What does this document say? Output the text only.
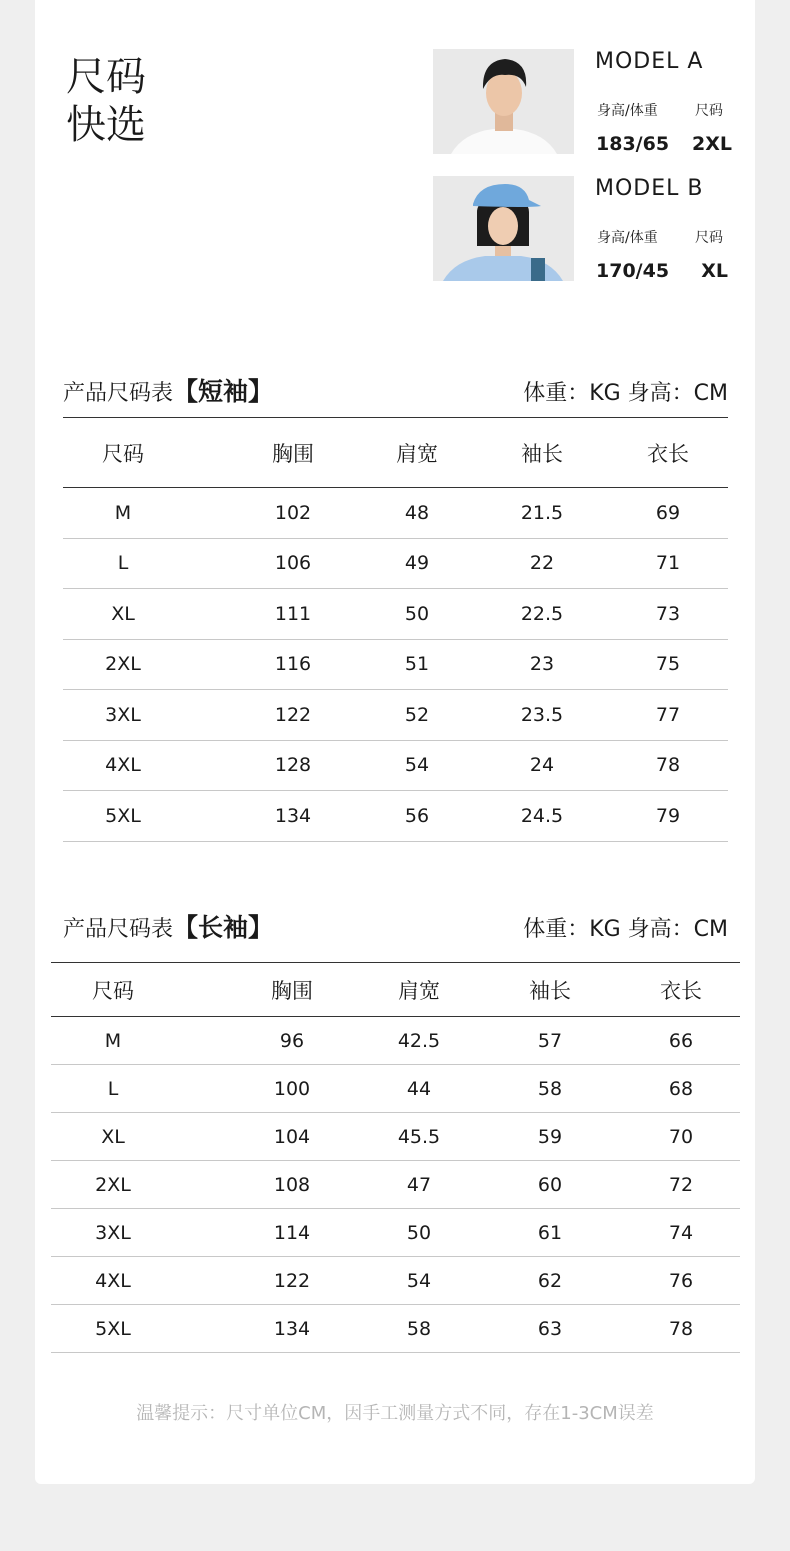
尺码
快选
MODEL A
身高/体重	尺码
183/65 2XL
MODEL B
身高/体重	尺码
170/45	XL
产品尺码表【短袖】	体重：KG 身高：CM
尺码	胸围	肩宽	袖长	衣长
M	102	48	21.5	69
L	106	49	22	71
XL	111	50	22.5	73
2XL	116	51	23	75
3XL	122	52	23.5	77
4XL	128	54	24	78
5XL	134	56	24.5	79
产品尺码表【长袖】	体重：KG 身高：CM
尺码	胸围	肩宽	袖长	衣长
M	96	42.5	57	66
L	100	44	58	68
XL	104	45.5	59	70
2XL	108	47	60	72
3XL	114	50	61	74
4XL	122	54	62	76
5XL	134	58	63	78
温馨提示：尺寸单位CM，因手工测量方式不同，存在1-3CM误差
